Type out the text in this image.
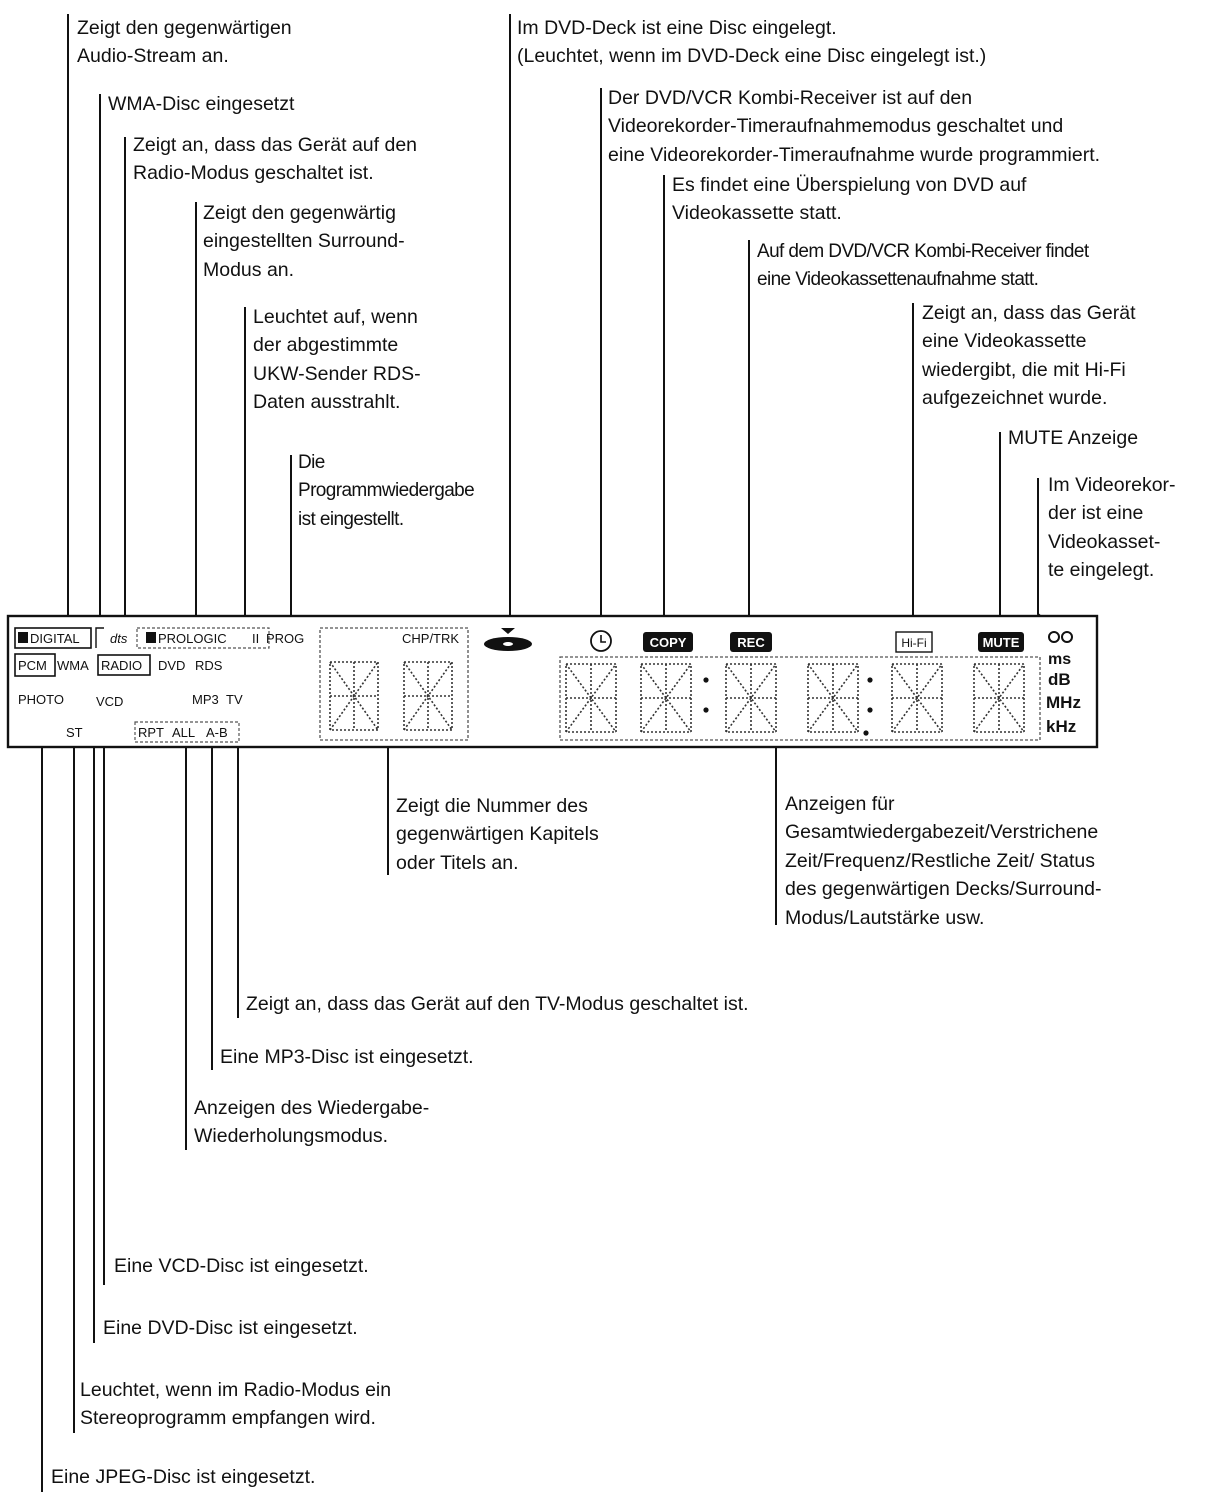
DIGITAL dts PROLOGIC II PROG
PCM WMA RADIO DVD RDS
PHOTO VCD	MP3 TV
ST	RPT ALL A-B
CHP/TRK	COPY	REC	Hi-Fi	MUTE
ms
dB
MHz
kHz
Zeigt den gegenwärtigen
Audio-Stream an.
Im DVD-Deck ist eine Disc eingelegt.
(Leuchtet, wenn im DVD-Deck eine Disc eingelegt ist.)
WMA-Disc eingesetzt	Der DVD/VCR Kombi-Receiver ist auf den
Videorekorder-Timeraufnahmemodus geschaltet und
eine Videorekorder-Timeraufnahme wurde programmiert.
Zeigt an, dass das Gerät auf den
Radio-Modus geschaltet ist.
Es findet eine Überspielung von DVD auf
Videokassette statt.
Zeigt den gegenwärtig
eingestellten Surround-
Modus an.
Auf dem DVD/VCR Kombi-Receiver findet
eine Videokassettenaufnahme statt.
Leuchtet auf, wenn
der abgestimmte
UKW-Sender RDS-
Daten ausstrahlt.
Zeigt an, dass das Gerät
eine Videokassette
wiedergibt, die mit Hi-Fi
aufgezeichnet wurde.
MUTE Anzeige
Die
Programmwiedergabe
ist eingestellt.
Im Videorekor-
der ist eine
Videokasset-
te eingelegt.
Zeigt die Nummer des
gegenwärtigen Kapitels
oder Titels an.
Anzeigen für
Gesamtwiedergabezeit/Verstrichene
Zeit/Frequenz/Restliche Zeit/ Status
des gegenwärtigen Decks/Surround-
Modus/Lautstärke usw.
Zeigt an, dass das Gerät auf den TV-Modus geschaltet ist.
Eine MP3-Disc ist eingesetzt.
Anzeigen des Wiedergabe-
Wiederholungsmodus.
Eine VCD-Disc ist eingesetzt.
Eine DVD-Disc ist eingesetzt.
Leuchtet, wenn im Radio-Modus ein
Stereoprogramm empfangen wird.
Eine JPEG-Disc ist eingesetzt.
